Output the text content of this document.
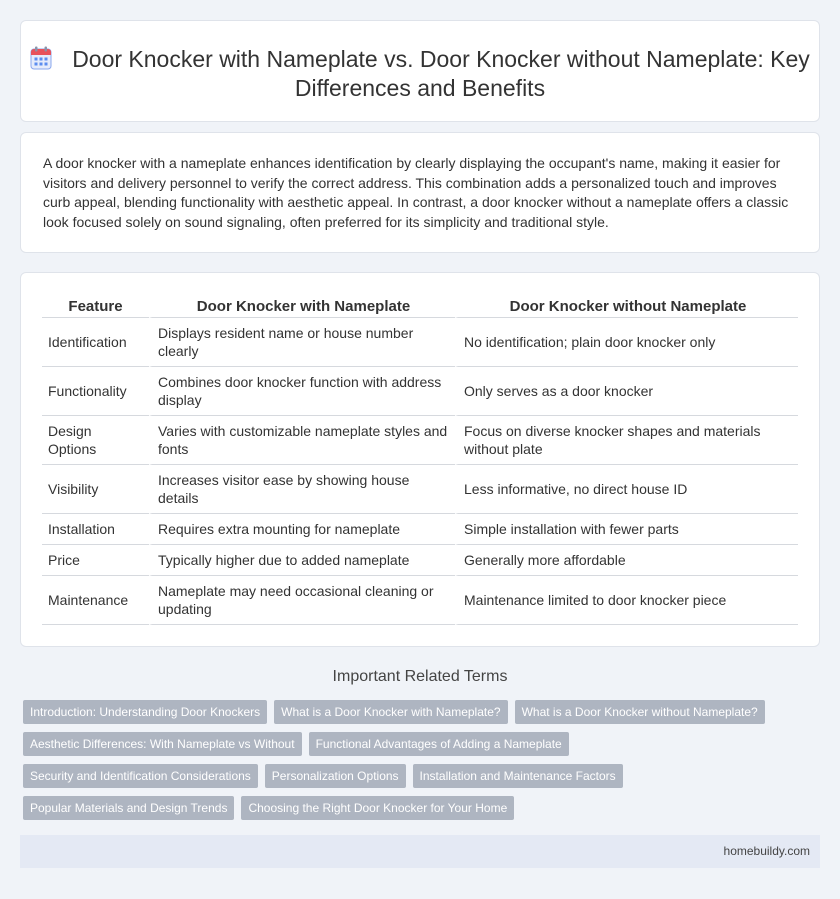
Door Knocker with Nameplate vs. Door Knocker without Nameplate: Key Differences and Benefits

A door knocker with a nameplate enhances identification by clearly displaying the occupant's name, making it easier for visitors and delivery personnel to verify the correct address. This combination adds a personalized touch and improves curb appeal, blending functionality with aesthetic appeal. In contrast, a door knocker without a nameplate offers a classic look focused solely on sound signaling, often preferred for its simplicity and traditional style.

Feature	Door Knocker with Nameplate	Door Knocker without Nameplate
Identification	Displays resident name or house number clearly	No identification; plain door knocker only
Functionality	Combines door knocker function with address display	Only serves as a door knocker
Design Options	Varies with customizable nameplate styles and fonts	Focus on diverse knocker shapes and materials without plate
Visibility	Increases visitor ease by showing house details	Less informative, no direct house ID
Installation	Requires extra mounting for nameplate	Simple installation with fewer parts
Price	Typically higher due to added nameplate	Generally more affordable
Maintenance	Nameplate may need occasional cleaning or updating	Maintenance limited to door knocker piece
Important Related Terms
Introduction: Understanding Door Knockers	What is a Door Knocker with Nameplate?	What is a Door Knocker without Nameplate?
Aesthetic Differences: With Nameplate vs Without	Functional Advantages of Adding a Nameplate
Security and Identification Considerations	Personalization Options	Installation and Maintenance Factors
Popular Materials and Design Trends	Choosing the Right Door Knocker for Your Home
homebuildy.com
